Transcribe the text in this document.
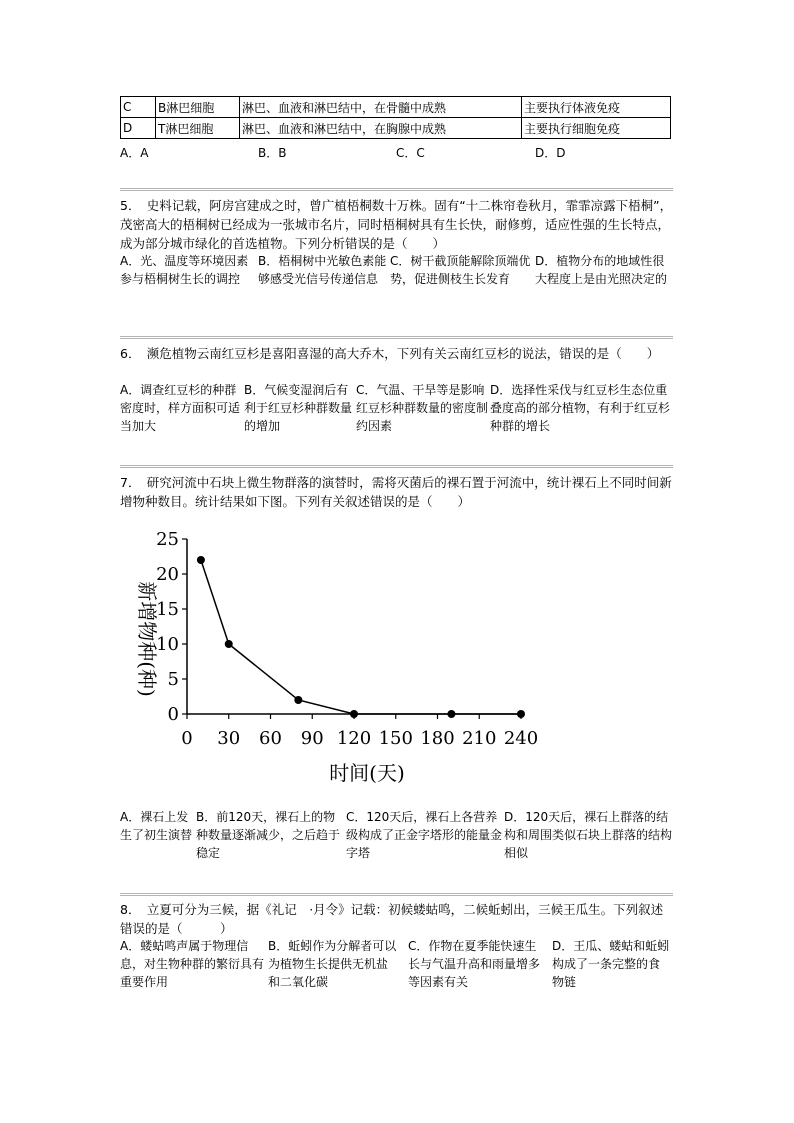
C	B淋巴细胞	淋巴、血液和淋巴结中，在骨髓中成熟	主要执行体液免疫
D	T淋巴细胞	淋巴、血液和淋巴结中，在胸腺中成熟	主要执行细胞免疫
A．A	B．B	C．C	D．D
5．　史料记载，阿房宫建成之时，曾广植梧桐数十万株。固有“十二株帘卷秋月，霏霏凉露下梧桐”，茂密高大的梧桐树已经成为一张城市名片，同时梧桐树具有生长快，耐修剪，适应性强的生长特点，成为部分城市绿化的首选植物。下列分析错误的是（　　）
A．光、温度等环境因素参与梧桐树生长的调控
B．梧桐树中光敏色素能够感受光信号传递信息
C．树干截顶能解除顶端优势，促进侧枝生长发育
D．植物分布的地域性很大程度上是由光照决定的
6．　濒危植物云南红豆杉是喜阳喜湿的高大乔木，下列有关云南红豆杉的说法，错误的是（　　）
A．调查红豆杉的种群密度时，样方面积可适当加大
B．气候变湿润后有利于红豆杉种群数量的增加
C．气温、干旱等是影响红豆杉种群数量的密度制约因素
D．选择性采伐与红豆杉生态位重叠度高的部分植物，有利于红豆杉种群的增长
7．　研究河流中石块上微生物群落的演替时，需将灭菌后的裸石置于河流中，统计裸石上不同时间新增物种数目。统计结果如下图。下列有关叙述错误的是（　　）
0
5
10
15
20
25
0 30 60 90 120 150 180 210 240
新增物种(种)
时间(天)
A．裸石上发生了初生演替
B．前120天，裸石上的物种数量逐渐减少，之后趋于稳定
C．120天后，裸石上各营养级构成了正金字塔形的能量金字塔
D．120天后，裸石上群落的结构和周围类似石块上群落的结构相似
8．　立夏可分为三候，据《礼记　·月令》记载：初候蝼蛄鸣，二候蚯蚓出，三候王瓜生。下列叙述错误的是（　　　）
A．蝼蛄鸣声属于物理信息，对生物种群的繁衍具有重要作用
B．蚯蚓作为分解者可以为植物生长提供无机盐和二氧化碳
C．作物在夏季能快速生长与气温升高和雨量增多等因素有关
D．王瓜、蝼蛄和蚯蚓构成了一条完整的食物链
